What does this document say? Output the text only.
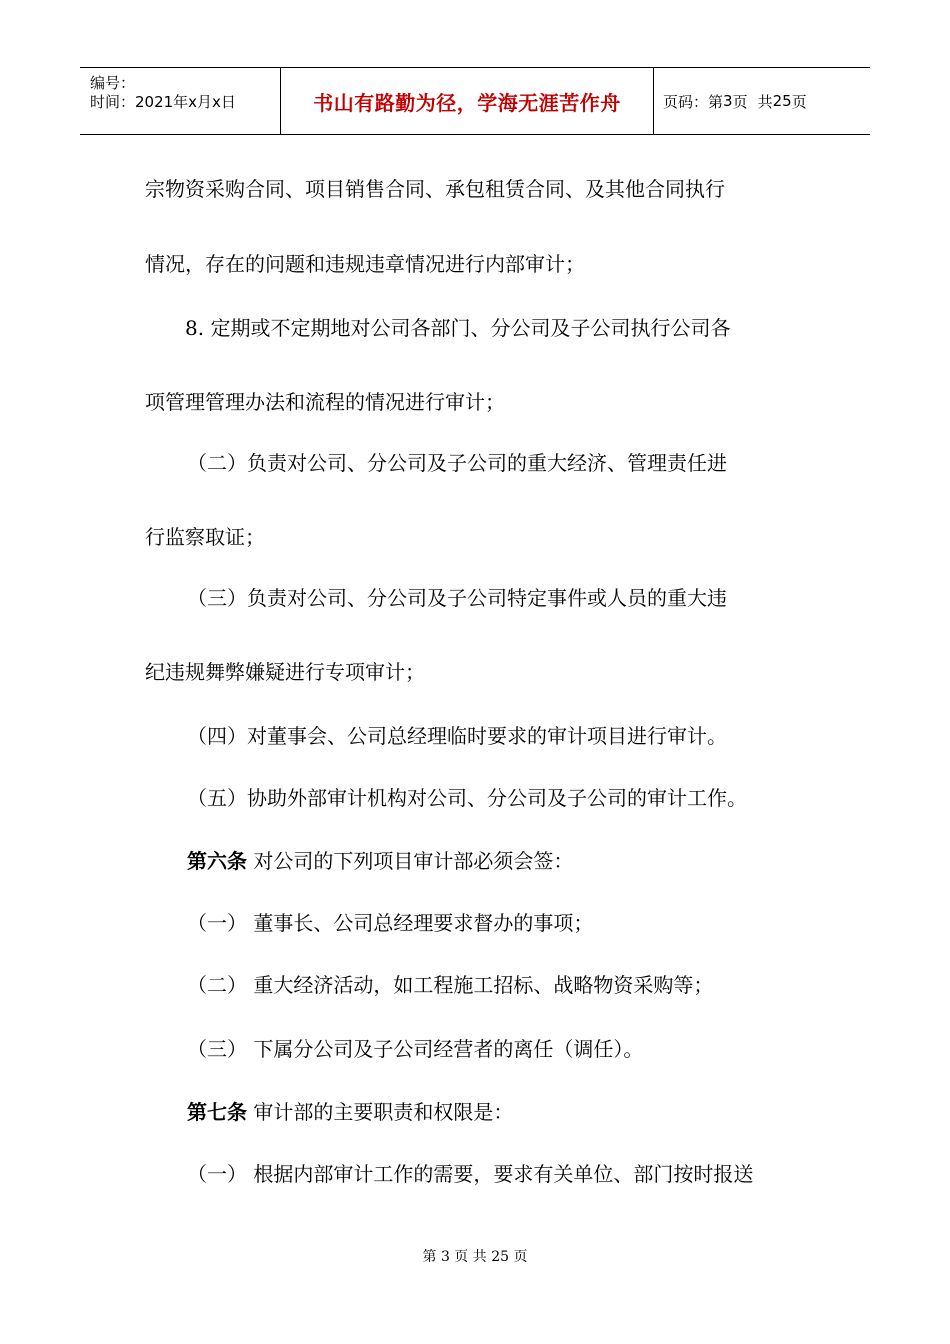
编号：
时间：2021年x月x日	书山有路勤为径，学海无涯苦作舟	页码：第 3 页 共 25 页
宗物资采购合同、项目销售合同、承包租赁合同、及其他合同执行
情况，存在的问题和违规违章情况进行内部审计；
8. 定期或不定期地对公司各部门、分公司及子公司执行公司各
项管理管理办法和流程的情况进行审计；
（二）负责对公司、分公司及子公司的重大经济、管理责任进
行监察取证；
（三）负责对公司、分公司及子公司特定事件或人员的重大违
纪违规舞弊嫌疑进行专项审计；
（四）对董事会、公司总经理临时要求的审计项目进行审计。
（五）协助外部审计机构对公司、分公司及子公司的审计工作。
第六条 对公司的下列项目审计部必须会签：
（一） 董事长、公司总经理要求督办的事项；
（二） 重大经济活动，如工程施工招标、战略物资采购等；
（三） 下属分公司及子公司经营者的离任（调任）。
第七条 审计部的主要职责和权限是：
（一） 根据内部审计工作的需要，要求有关单位、部门按时报送
第 3 页 共 25 页
